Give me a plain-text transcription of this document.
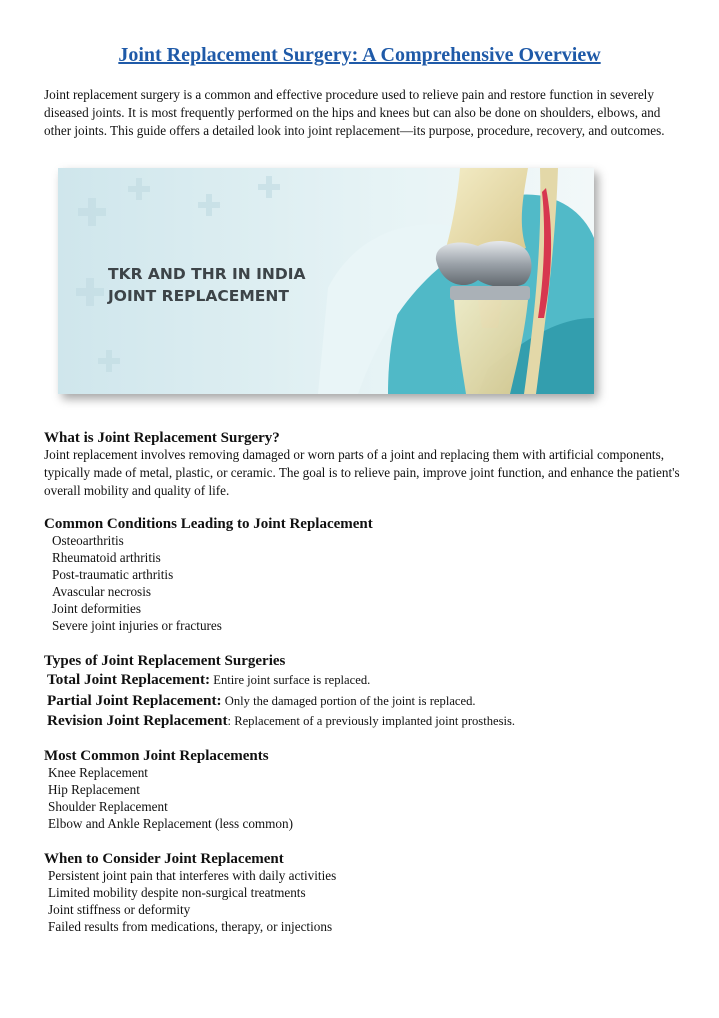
Joint Replacement Surgery: A Comprehensive Overview

Joint replacement surgery is a common and effective procedure used to relieve pain and restore function in severely diseased joints. It is most frequently performed on the hips and knees but can also be done on shoulders, elbows, and other joints. This guide offers a detailed look into joint replacement—its purpose, procedure, recovery, and outcomes.

TKR AND THR IN INDIA
JOINT REPLACEMENT
What is Joint Replacement Surgery?

Joint replacement involves removing damaged or worn parts of a joint and replacing them with artificial components, typically made of metal, plastic, or ceramic. The goal is to relieve pain, improve joint function, and enhance the patient's overall mobility and quality of life.

Common Conditions Leading to Joint Replacement
Osteoarthritis
Rheumatoid arthritis
Post-traumatic arthritis
Avascular necrosis
Joint deformities
Severe joint injuries or fractures
Types of Joint Replacement Surgeries
Total Joint Replacement: Entire joint surface is replaced.
Partial Joint Replacement: Only the damaged portion of the joint is replaced.
Revision Joint Replacement: Replacement of a previously implanted joint prosthesis.
Most Common Joint Replacements
Knee Replacement
Hip Replacement
Shoulder Replacement
Elbow and Ankle Replacement (less common)
When to Consider Joint Replacement
Persistent joint pain that interferes with daily activities
Limited mobility despite non-surgical treatments
Joint stiffness or deformity
Failed results from medications, therapy, or injections
